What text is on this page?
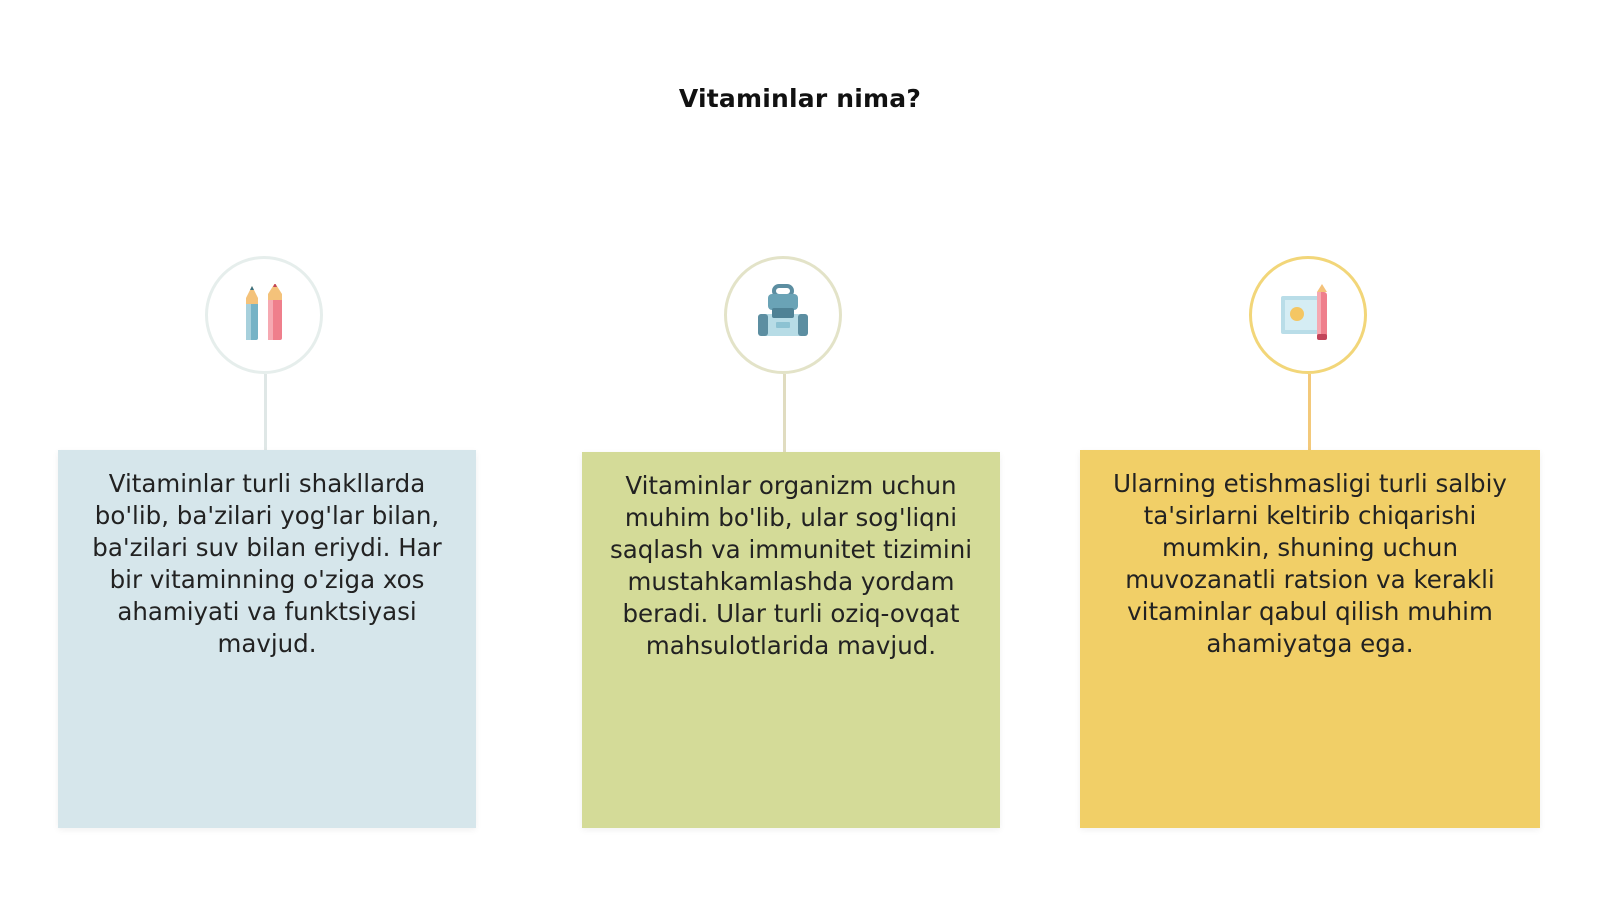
Vitaminlar nima?
Vitaminlar turli shakllarda bo'lib, ba'zilari yog'lar bilan, ba'zilari suv bilan eriydi. Har bir vitaminning o'ziga xos ahamiyati va funktsiyasi mavjud.
Vitaminlar organizm uchun muhim bo'lib, ular sog'liqni saqlash va immunitet tizimini mustahkamlashda yordam beradi. Ular turli oziq-ovqat mahsulotlarida mavjud.
Ularning etishmasligi turli salbiy ta'sirlarni keltirib chiqarishi mumkin, shuning uchun muvozanatli ratsion va kerakli vitaminlar qabul qilish muhim ahamiyatga ega.
